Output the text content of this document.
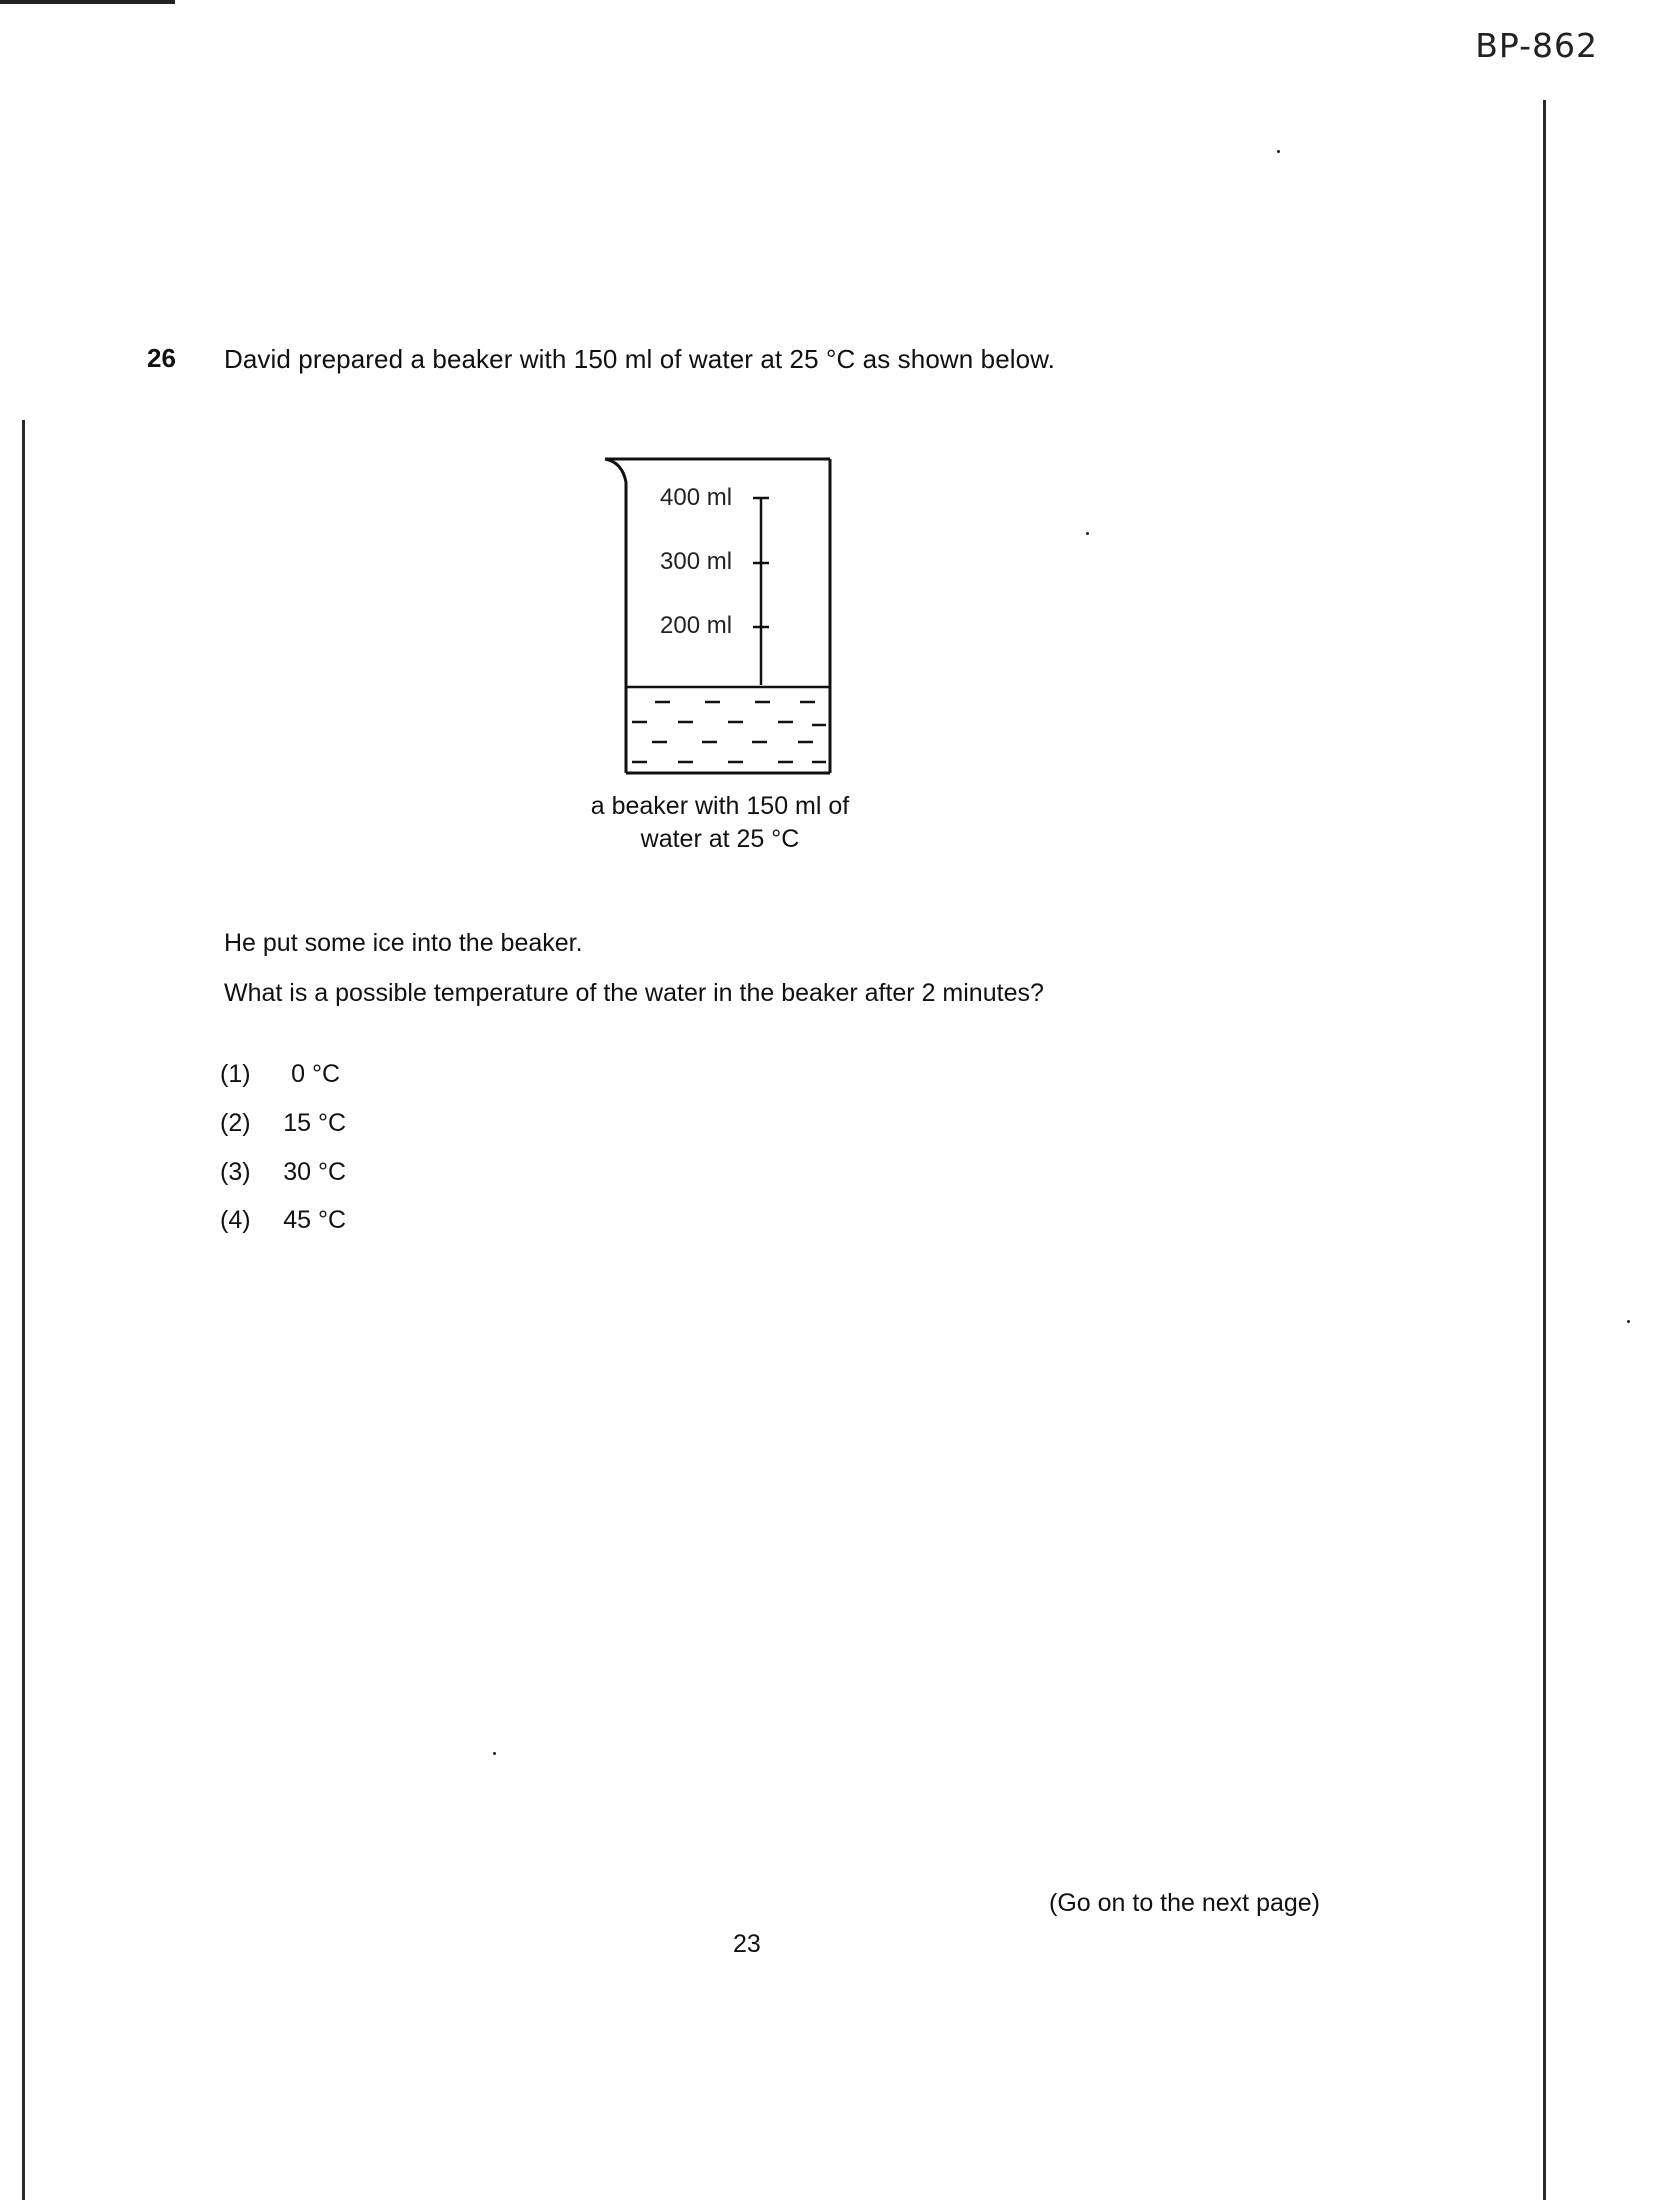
BP-862
26 David prepared a beaker with 150 ml of water at 25 °C as shown below.
400 ml
300 ml
200 ml
a beaker with 150 ml of
water at 25 °C
He put some ice into the beaker.
What is a possible temperature of the water in the beaker after 2 minutes?
(1)	0 °C
(2)	15 °C
(3)	30 °C
(4)	45 °C
(Go on to the next page)
23
